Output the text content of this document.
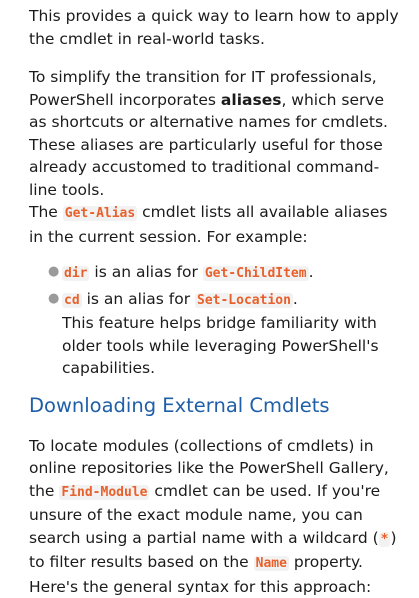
This provides a quick way to learn how to apply the cmdlet in real-world tasks.

To simplify the transition for IT professionals, PowerShell incorporates aliases, which serve as shortcuts or alternative names for cmdlets. These aliases are particularly useful for those already accustomed to traditional command-line tools.
The Get-Alias cmdlet lists all available aliases in the current session. For example:

● dir is an alias for Get-ChildItem .
● cd is an alias for Set-Location .
This feature helps bridge familiarity with older tools while leveraging PowerShell's capabilities.
Downloading External Cmdlets

To locate modules (collections of cmdlets) in online repositories like the PowerShell Gallery, the Find-Module cmdlet can be used. If you're unsure of the exact module name, you can search using a partial name with a wildcard ( * ) to filter results based on the Name property.
Here's the general syntax for this approach:
